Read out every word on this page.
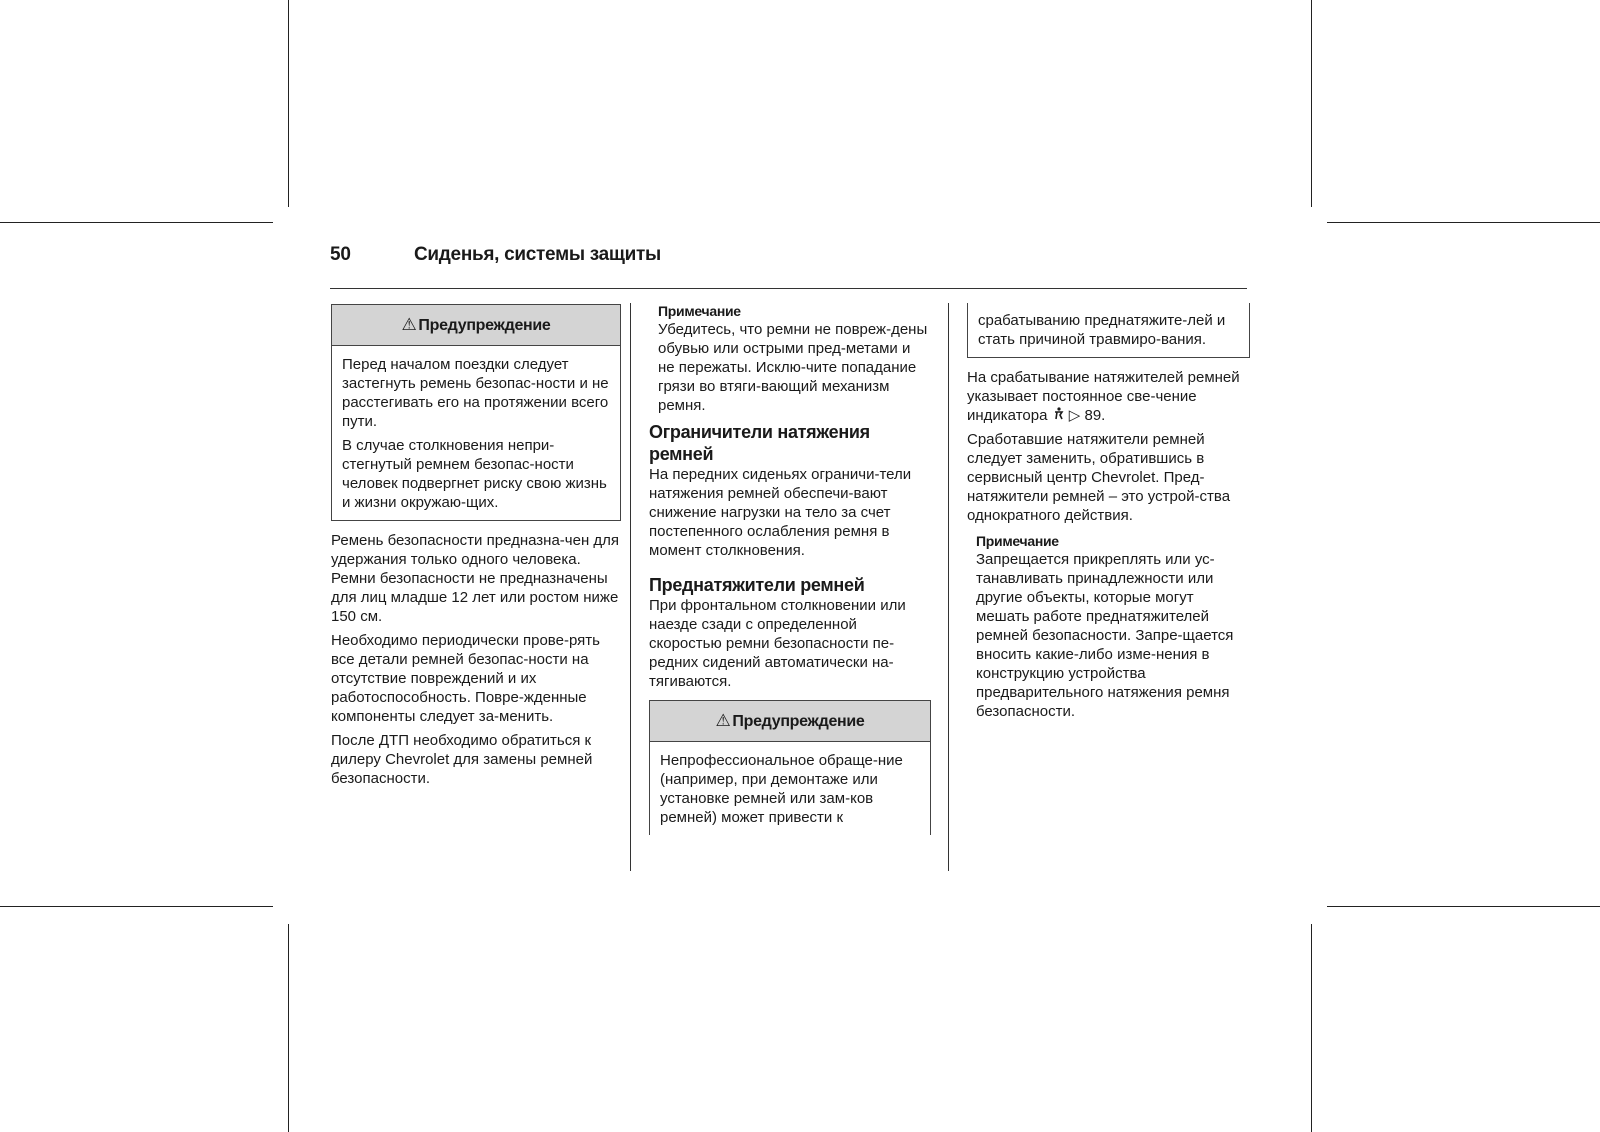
50	Сиденья, системы защиты
⚠ Предупреждение

Перед началом поездки следует застегнуть ремень безопас-ности и не расстегивать его на протяжении всего пути.

В случае столкновения непри-стегнутый ремнем безопас-ности человек подвергнет риску свою жизнь и жизни окружаю-щих.

Ремень безопасности предназна-чен для удержания только одного человека. Ремни безопасности не предназначены для лиц младше 12 лет или ростом ниже 150 см.

Необходимо периодически прове-рять все детали ремней безопас-ности на отсутствие повреждений и их работоспособность. Повре-жденные компоненты следует за-менить.

После ДТП необходимо обратиться к дилеру Chevrolet для замены ремней безопасности.

Примечание
Убедитесь, что ремни не повреж-дены обувью или острыми пред-метами и не пережаты. Исклю-чите попадание грязи во втяги-вающий механизм ремня.
Ограничители натяжения ремней

На передних сиденьях ограничи-тели натяжения ремней обеспечи-вают снижение нагрузки на тело за счет постепенного ослабления ремня в момент столкновения.

Преднатяжители ремней

При фронтальном столкновении или наезде сзади с определенной скоростью ремни безопасности пе-редних сидений автоматически на-тягиваются.

⚠ Предупреждение

Непрофессиональное обраще-ние (например, при демонтаже или установке ремней или зам-ков ремней) может привести к

срабатыванию преднатяжите-лей и стать причиной травмиро-вания.

На срабатывание натяжителей ремней указывает постоянное све-чение индикатора ▷ 89.

Сработавшие натяжители ремней следует заменить, обратившись в сервисный центр Chevrolet. Пред-натяжители ремней – это устрой-ства однократного действия.

Примечание
Запрещается прикреплять или ус-танавливать принадлежности или другие объекты, которые могут мешать работе преднатяжителей ремней безопасности. Запре-щается вносить какие-либо изме-нения в конструкцию устройства предварительного натяжения ремня безопасности.
